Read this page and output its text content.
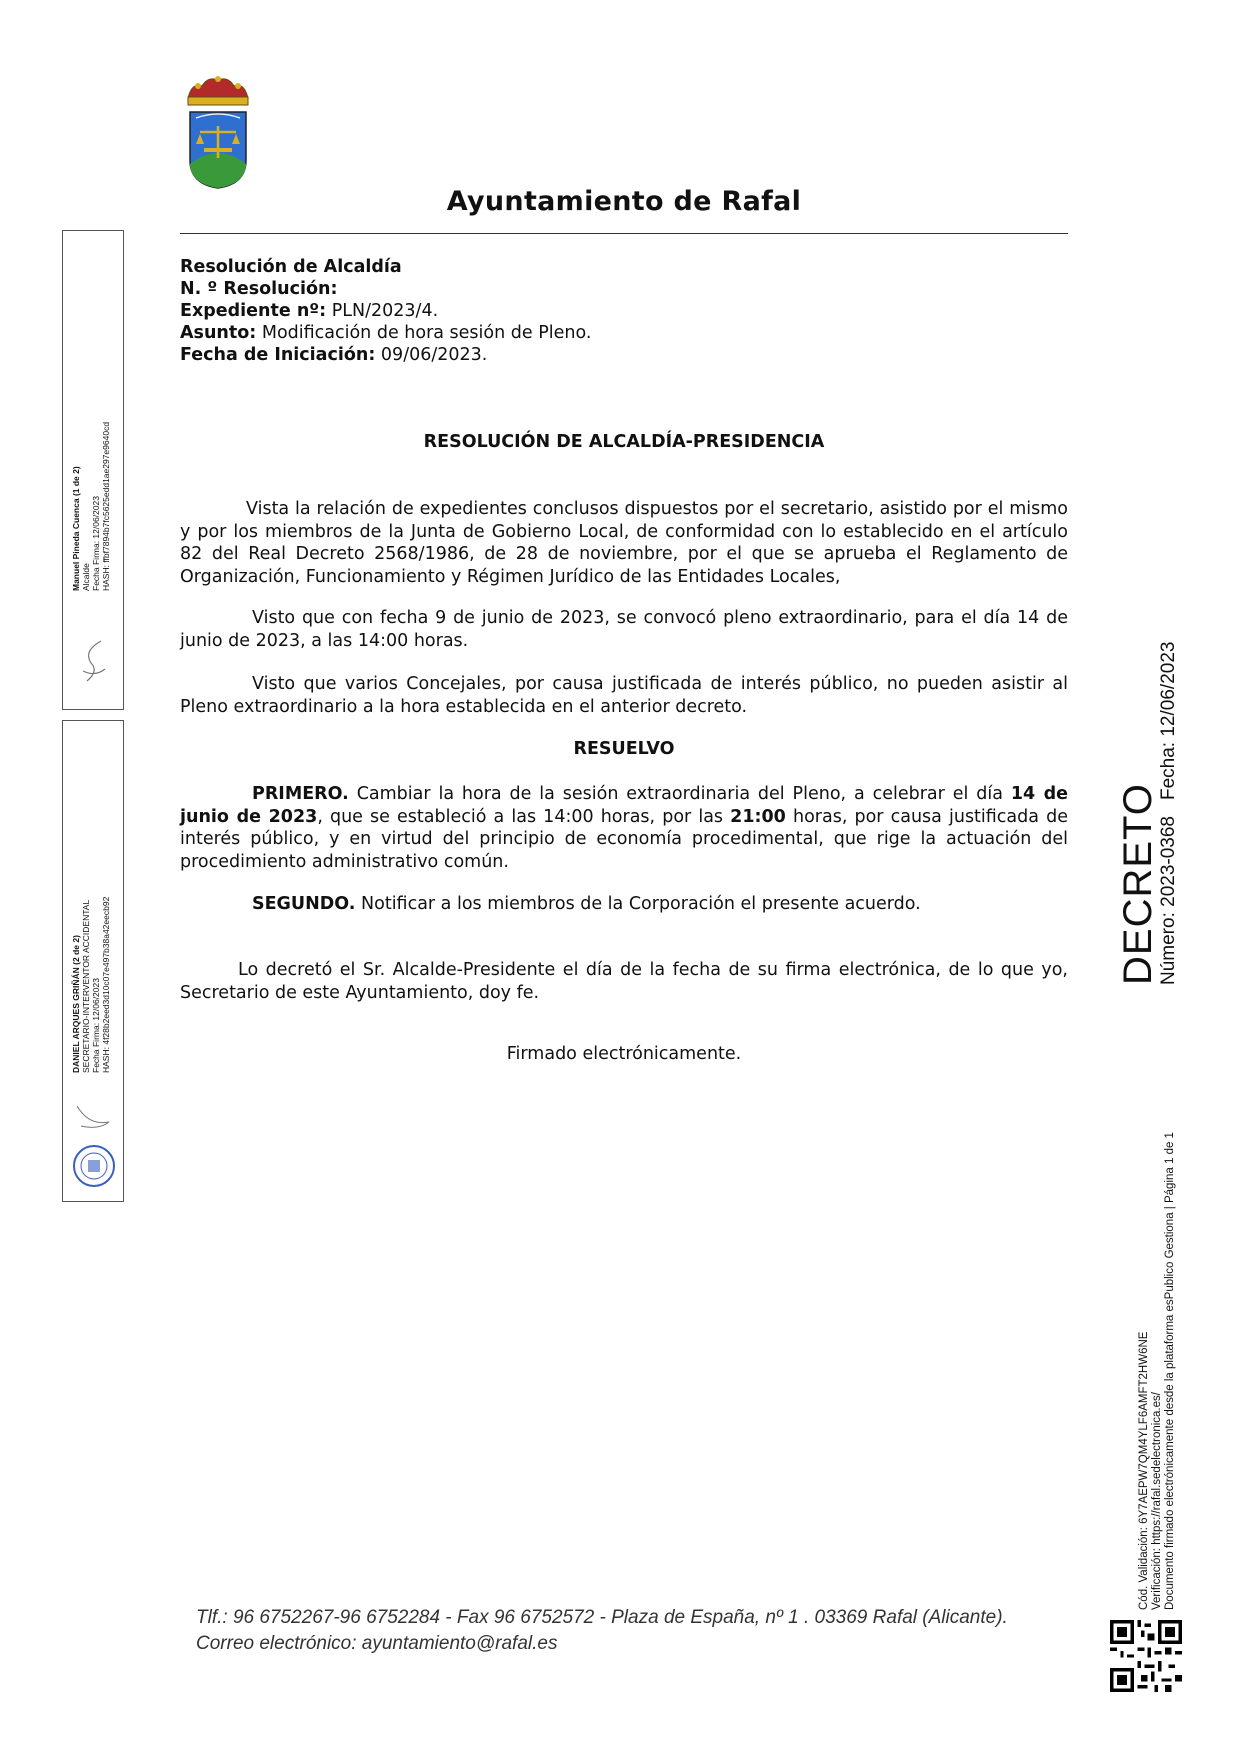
Ayuntamiento de Rafal
Manuel Pineda Cuenca (1 de 2) Alcalde Fecha Firma: 12/06/2023 HASH: ffbf7894b7fc5625edd1ae297e9640cd
DANIEL ARQUES GRIÑÁN (2 de 2) SECRETARIO-INTERVENTOR ACCIDENTAL Fecha Firma: 12/06/2023 HASH: 4f28b2eed3d10c07e497b38a42eecb92
Resolución de Alcaldía
N. º Resolución:
Expediente nº: PLN/2023/4.
Asunto: Modificación de hora sesión de Pleno.
Fecha de Iniciación: 09/06/2023.
RESOLUCIÓN DE ALCALDÍA-PRESIDENCIA
Vista la relación de expedientes conclusos dispuestos por el secretario, asistido por el mismo y por los miembros de la Junta de Gobierno Local, de conformidad con lo establecido en el artículo 82 del Real Decreto 2568/1986, de 28 de noviembre, por el que se aprueba el Reglamento de Organización, Funcionamiento y Régimen Jurídico de las Entidades Locales,
Visto que con fecha 9 de junio de 2023, se convocó pleno extraordinario, para el día 14 de junio de 2023, a las 14:00 horas.
Visto que varios Concejales, por causa justificada de interés público, no pueden asistir al Pleno extraordinario a la hora establecida en el anterior decreto.
RESUELVO
PRIMERO. Cambiar la hora de la sesión extraordinaria del Pleno, a celebrar el día 14 de junio de 2023, que se estableció a las 14:00 horas, por las 21:00 horas, por causa justificada de interés público, y en virtud del principio de economía procedimental, que rige la actuación del procedimiento administrativo común.
SEGUNDO. Notificar a los miembros de la Corporación el presente acuerdo.
Lo decretó el Sr. Alcalde-Presidente el día de la fecha de su firma electrónica, de lo que yo, Secretario de este Ayuntamiento, doy fe.
Firmado electrónicamente.
DECRETO
Número: 2023-0368
Fecha: 12/06/2023
Cód. Validación: 6Y7AEPW7QM4YLF6AMFT2HW6NE Verificación: https://rafal.sedelectronica.es/ Documento firmado electrónicamente desde la plataforma esPublico Gestiona | Página 1 de 1
Tlf.: 96 6752267-96 6752284 - Fax 96 6752572 - Plaza de España, nº 1 . 03369 Rafal (Alicante).
Correo electrónico: ayuntamiento@rafal.es
